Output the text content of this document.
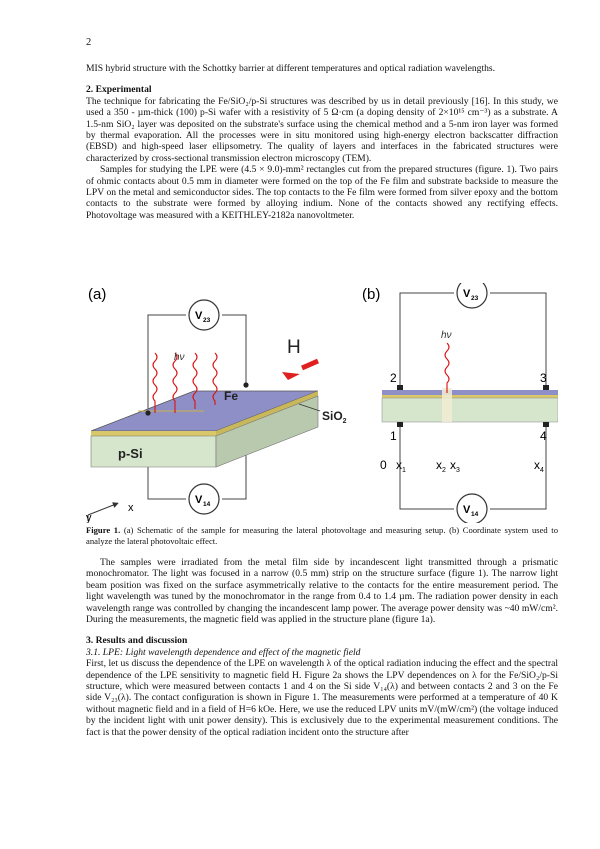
2

MIS hybrid structure with the Schottky barrier at different temperatures and optical radiation wavelengths.

2. Experimental

The technique for fabricating the Fe/SiO₂/p-Si structures was described by us in detail previously [16]. In this study, we used a 350 - µm-thick (100) p-Si wafer with a resistivity of 5 Ω·cm (a doping density of 2×10¹⁵ cm⁻³) as a substrate. A 1.5-nm SiO₂ layer was deposited on the substrate's surface using the chemical method and a 5-nm iron layer was formed by thermal evaporation. All the processes were in situ monitored using high-energy electron backscatter diffraction (EBSD) and high-speed laser ellipsometry. The quality of layers and interfaces in the fabricated structures were characterized by cross-sectional transmission electron microscopy (TEM).

Samples for studying the LPE were (4.5 × 9.0)-mm² rectangles cut from the prepared structures (figure. 1). Two pairs of ohmic contacts about 0.5 mm in diameter were formed on the top of the Fe film and substrate backside to measure the LPV on the metal and semiconductor sides. The top contacts to the Fe film were formed from silver epoxy and the bottom contacts to the substrate were formed by alloying indium. None of the contacts showed any rectifying effects. Photovoltage was measured with a KEITHLEY-2182a nanovoltmeter.

(a)
V 23
hν	H
Fe
SiO$_2$
p-Si
x
y
V 14
(b)	V 23
hν
2	3
1	4
0 $x_1$	$x_2$ $x_3$	$x_4$
V 14
Figure 1. (a) Schematic of the sample for measuring the lateral photovoltage and measuring setup. (b) Coordinate system used to analyze the lateral photovoltaic effect.

The samples were irradiated from the metal film side by incandescent light transmitted through a prismatic monochromator. The light was focused in a narrow (0.5 mm) strip on the structure surface (figure 1). The narrow light beam position was fixed on the surface asymmetrically relative to the contacts for the entire measurement period. The light wavelength was tuned by the monochromator in the range from 0.4 to 1.4 µm. The radiation power density in each wavelength range was controlled by changing the incandescent lamp power. The average power density was ~40 mW/cm². During the measurements, the magnetic field was applied in the structure plane (figure 1a).

3. Results and discussion

3.1. LPE: Light wavelength dependence and effect of the magnetic field

First, let us discuss the dependence of the LPE on wavelength λ of the optical radiation inducing the effect and the spectral dependence of the LPE sensitivity to magnetic field H. Figure 2a shows the LPV dependences on λ for the Fe/SiO₂/p-Si structure, which were measured between contacts 1 and 4 on the Si side V₁₄(λ) and between contacts 2 and 3 on the Fe side V₂₃(λ). The contact configuration is shown in Figure 1. The measurements were performed at a temperature of 40 K without magnetic field and in a field of H=6 kOe. Here, we use the reduced LPV units mV/(mW/cm²) (the voltage induced by the incident light with unit power density). This is exclusively due to the experimental measurement conditions. The fact is that the power density of the optical radiation incident onto the structure after
